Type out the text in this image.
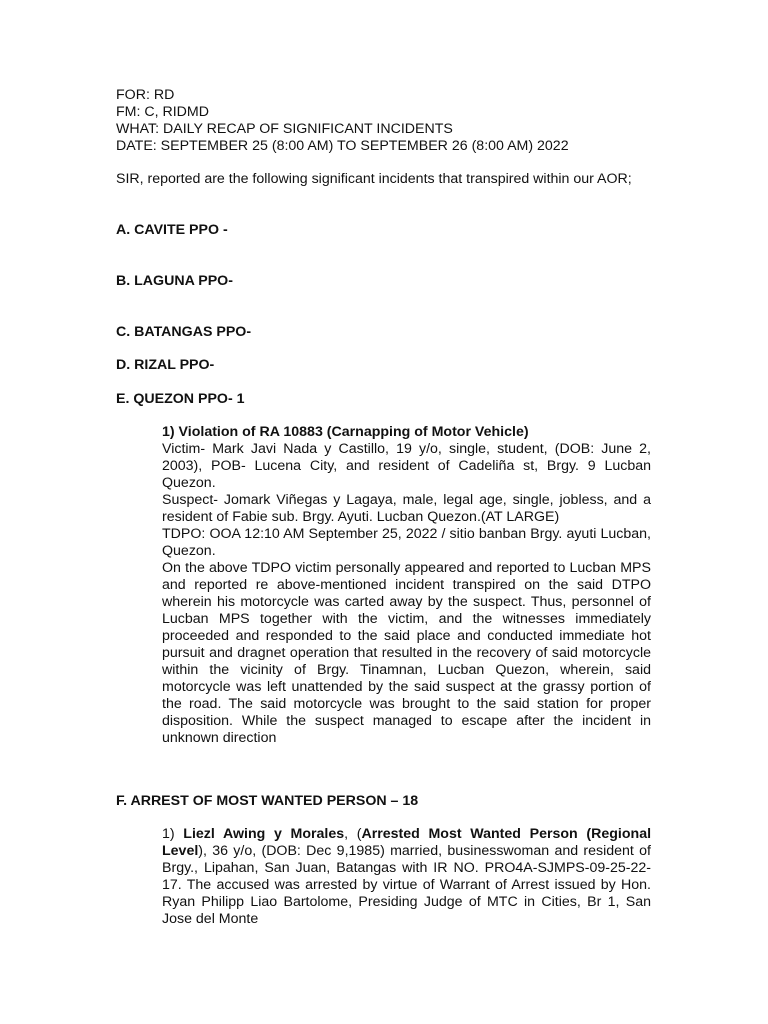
FOR: RD
FM: C, RIDMD
WHAT: DAILY RECAP OF SIGNIFICANT INCIDENTS
DATE: SEPTEMBER 25 (8:00 AM) TO SEPTEMBER 26 (8:00 AM) 2022
SIR, reported are the following significant incidents that transpired within our AOR;
A. CAVITE PPO -
B. LAGUNA PPO-
C. BATANGAS PPO-
D. RIZAL PPO-
E. QUEZON PPO- 1
1) Violation of RA 10883 (Carnapping of Motor Vehicle)

Victim- Mark Javi Nada y Castillo, 19 y/o, single, student, (DOB: June 2, 2003), POB- Lucena City, and resident of Cadeliña st, Brgy. 9 Lucban Quezon.

Suspect- Jomark Viñegas y Lagaya, male, legal age, single, jobless, and a resident of Fabie sub. Brgy. Ayuti. Lucban Quezon.(AT LARGE)

TDPO: OOA 12:10 AM September 25, 2022 / sitio banban Brgy. ayuti Lucban, Quezon.

On the above TDPO victim personally appeared and reported to Lucban MPS and reported re above-mentioned incident transpired on the said DTPO wherein his motorcycle was carted away by the suspect. Thus, personnel of Lucban MPS together with the victim, and the witnesses immediately proceeded and responded to the said place and conducted immediate hot pursuit and dragnet operation that resulted in the recovery of said motorcycle within the vicinity of Brgy. Tinamnan, Lucban Quezon, wherein, said motorcycle was left unattended by the said suspect at the grassy portion of the road. The said motorcycle was brought to the said station for proper disposition. While the suspect managed to escape after the incident in unknown direction

F. ARREST OF MOST WANTED PERSON – 18
1) Liezl Awing y Morales, (Arrested Most Wanted Person (Regional Level), 36 y/o, (DOB: Dec 9,1985) married, businesswoman and resident of Brgy., Lipahan, San Juan, Batangas with IR NO. PRO4A-SJMPS-09-25-22-17. The accused was arrested by virtue of Warrant of Arrest issued by Hon. Ryan Philipp Liao Bartolome, Presiding Judge of MTC in Cities, Br 1, San Jose del Monte
